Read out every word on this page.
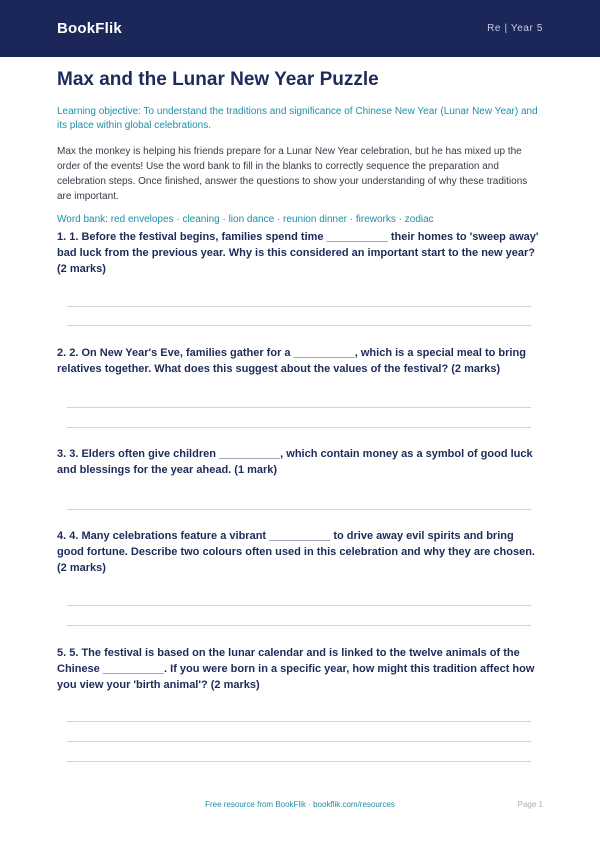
BookFlik	Re | Year 5
Max and the Lunar New Year Puzzle

Learning objective: To understand the traditions and significance of Chinese New Year (Lunar New Year) and its place within global celebrations.

Max the monkey is helping his friends prepare for a Lunar New Year celebration, but he has mixed up the order of the events! Use the word bank to fill in the blanks to correctly sequence the preparation and celebration steps. Once finished, answer the questions to show your understanding of why these traditions are important.

Word bank: red envelopes · cleaning · lion dance · reunion dinner · fireworks · zodiac

1. 1. Before the festival begins, families spend time __________ their homes to 'sweep away' bad luck from the previous year. Why is this considered an important start to the new year? (2 marks)

2. 2. On New Year's Eve, families gather for a __________, which is a special meal to bring relatives together. What does this suggest about the values of the festival? (2 marks)

3. 3. Elders often give children __________, which contain money as a symbol of good luck and blessings for the year ahead. (1 mark)

4. 4. Many celebrations feature a vibrant __________ to drive away evil spirits and bring good fortune. Describe two colours often used in this celebration and why they are chosen. (2 marks)

5. 5. The festival is based on the lunar calendar and is linked to the twelve animals of the Chinese __________. If you were born in a specific year, how might this tradition affect how you view your 'birth animal'? (2 marks)

Free resource from BookFlik · bookflik.com/resources	Page 1
